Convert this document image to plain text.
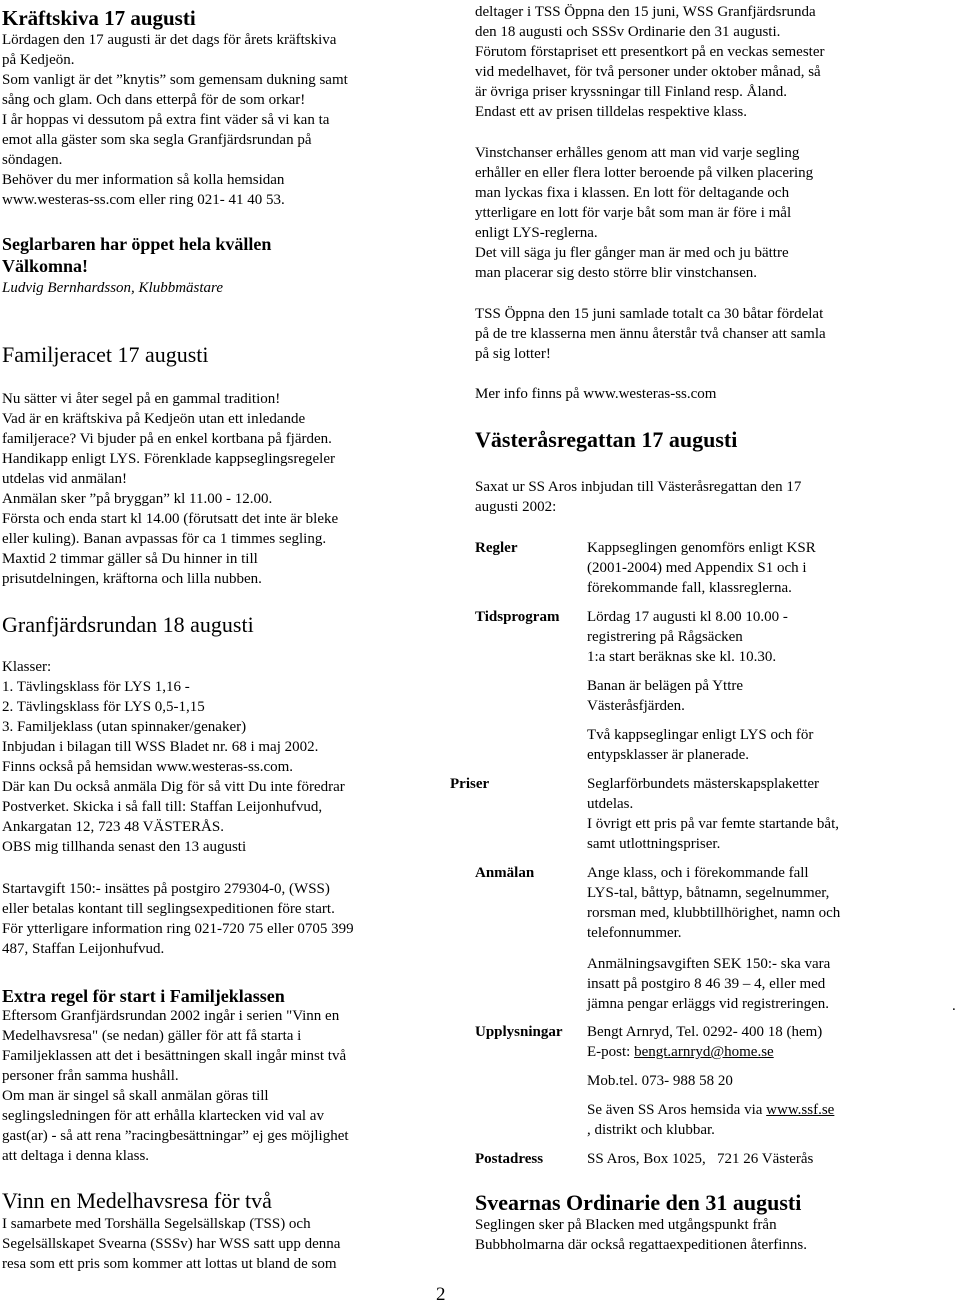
Kräftskiva 17 augusti
Lördagen den 17 augusti är det dags för årets kräftskiva
på Kedjeön.
Som vanligt är det ”knytis” som gemensam dukning samt
sång och glam. Och dans etterpå för de som orkar!
I år hoppas vi dessutom på extra fint väder så vi kan ta
emot alla gäster som ska segla Granfjärdsrundan på
söndagen.
Behöver du mer information så kolla hemsidan
www.westeras-ss.com eller ring 021- 41 40 53.
Seglarbaren har öppet hela kvällen
Välkomna!
Ludvig Bernhardsson, Klubbmästare
Familjeracet 17 augusti
Nu sätter vi åter segel på en gammal tradition!
Vad är en kräftskiva på Kedjeön utan ett inledande
familjerace? Vi bjuder på en enkel kortbana på fjärden.
Handikapp enligt LYS. Förenklade kappseglingsregeler
utdelas vid anmälan!
Anmälan sker ”på bryggan” kl 11.00 - 12.00.
Första och enda start kl 14.00 (förutsatt det inte är bleke
eller kuling). Banan avpassas för ca 1 timmes segling.
Maxtid 2 timmar gäller så Du hinner in till
prisutdelningen, kräftorna och lilla nubben.
Granfjärdsrundan 18 augusti
Klasser:
1. Tävlingsklass för LYS 1,16 -
2. Tävlingsklass för LYS 0,5-1,15
3. Familjeklass (utan spinnaker/genaker)
Inbjudan i bilagan till WSS Bladet nr. 68 i maj 2002.
Finns också på hemsidan www.westeras-ss.com.
Där kan Du också anmäla Dig för så vitt Du inte föredrar
Postverket. Skicka i så fall till: Staffan Leijonhufvud,
Ankargatan 12, 723 48 VÄSTERÅS.
OBS mig tillhanda senast den 13 augusti
Startavgift 150:- insättes på postgiro 279304-0, (WSS)
eller betalas kontant till seglingsexpeditionen före start.
För ytterligare information ring 021-720 75 eller 0705 399
487, Staffan Leijonhufvud.
Extra regel för start i Familjeklassen
Eftersom Granfjärdsrundan 2002 ingår i serien "Vinn en
Medelhavsresa" (se nedan) gäller för att få starta i
Familjeklassen att det i besättningen skall ingår minst två
personer från samma hushåll.
Om man är singel så skall anmälan göras till
seglingsledningen för att erhålla klartecken vid val av
gast(ar) - så att rena ”racingbesättningar” ej ges möjlighet
att deltaga i denna klass.
Vinn en Medelhavsresa för två
I samarbete med Torshälla Segelsällskap (TSS) och
Segelsällskapet Svearna (SSSv) har WSS satt upp denna
resa som ett pris som kommer att lottas ut bland de som
2
deltager i TSS Öppna den 15 juni, WSS Granfjärdsrunda
den 18 augusti och SSSv Ordinarie den 31 augusti.
Förutom förstapriset ett presentkort på en veckas semester
vid medelhavet, för två personer under oktober månad, så
är övriga priser kryssningar till Finland resp. Åland.
Endast ett av prisen tilldelas respektive klass.
Vinstchanser erhålles genom att man vid varje segling
erhåller en eller flera lotter beroende på vilken placering
man lyckas fixa i klassen. En lott för deltagande och
ytterligare en lott för varje båt som man är före i mål
enligt LYS-reglerna.
Det vill säga ju fler gånger man är med och ju bättre
man placerar sig desto större blir vinstchansen.
TSS Öppna den 15 juni samlade totalt ca 30 båtar fördelat
på de tre klasserna men ännu återstår två chanser att samla
på sig lotter!
Mer info finns på www.westeras-ss.com
Västeråsregattan 17 augusti
Saxat ur SS Aros inbjudan till Västeråsregattan den 17
augusti 2002:
Regler	Kappseglingen genomförs enligt KSR
(2001-2004) med Appendix S1 och i
förekommande fall, klassreglerna.
Tidsprogram Lördag 17 augusti kl 8.00 10.00 -
registrering på Rågsäcken
1:a start beräknas ske kl. 10.30.
Banan är belägen på Yttre
Västeråsfjärden.
Två kappseglingar enligt LYS och för
entypsklasser är planerade.
Priser	Seglarförbundets mästerskapsplaketter
utdelas.
I övrigt ett pris på var femte startande båt,
samt utlottningspriser.
Anmälan	Ange klass, och i förekommande fall
LYS-tal, båttyp, båtnamn, segelnummer,
rorsman med, klubbtillhörighet, namn och
telefonnummer.
Anmälningsavgiften SEK 150:- ska vara
insatt på postgiro 8 46 39 – 4, eller med
jämna pengar erläggs vid registreringen.	.
Upplysningar Bengt Arnryd, Tel. 0292- 400 18 (hem)
E-post: bengt.arnryd@home.se
Mob.tel. 073- 988 58 20
Se även SS Aros hemsida via www.ssf.se
, distrikt och klubbar.
Postadress	SS Aros, Box 1025,   721 26 Västerås
Svearnas Ordinarie den 31 augusti
Seglingen sker på Blacken med utgångspunkt från
Bubbholmarna där också regattaexpeditionen återfinns.
